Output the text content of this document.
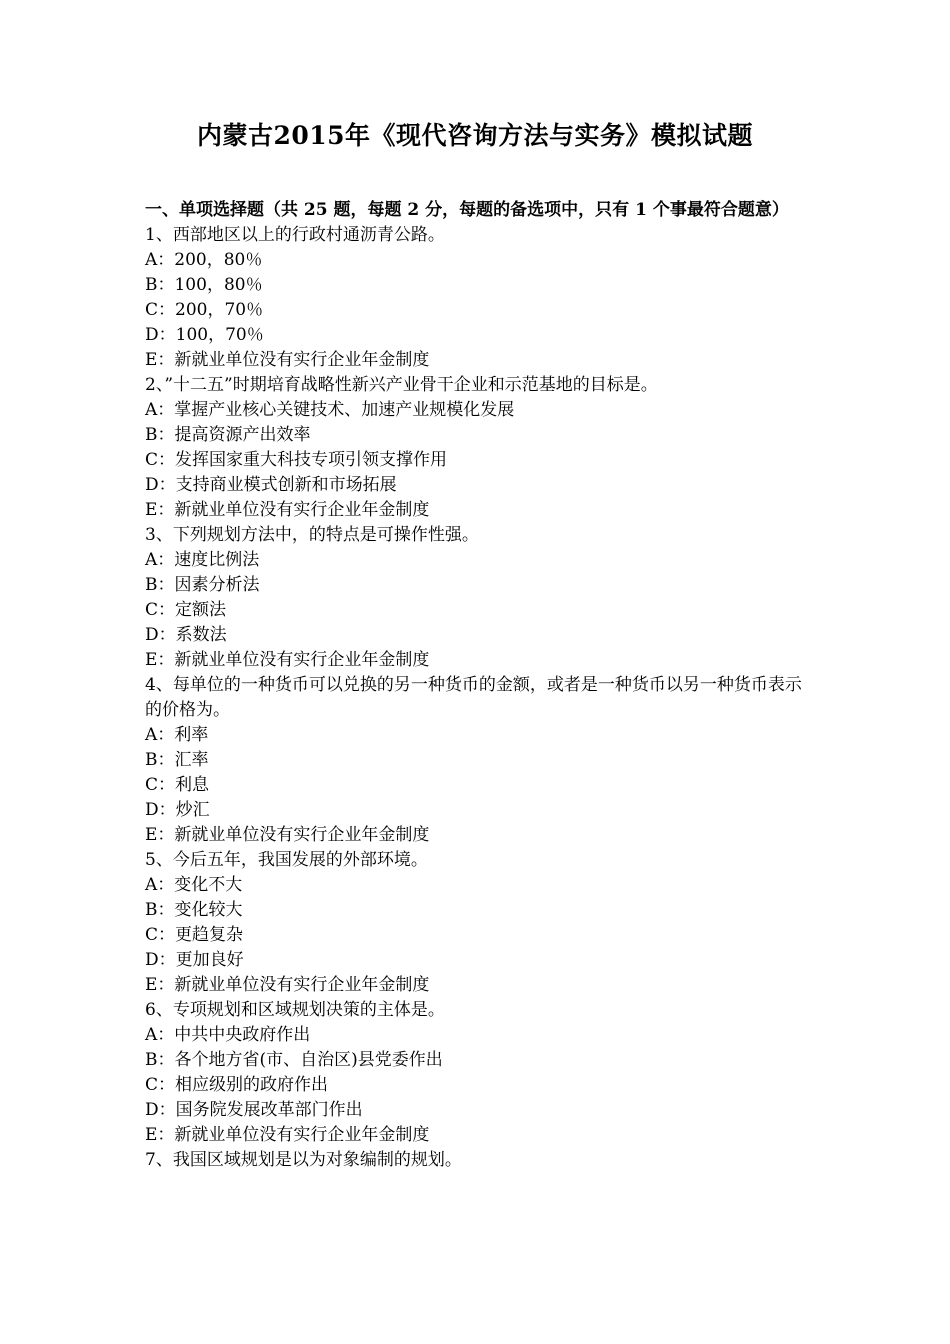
内蒙古2015年《现代咨询方法与实务》模拟试题
一、单项选择题（共 25 题，每题 2 分，每题的备选项中，只有 1 个事最符合题意）
1、西部地区以上的行政村通沥青公路。
A：200，80％
B：100，80％
C：200，70％
D：100，70％
E：新就业单位没有实行企业年金制度
2、”十二五”时期培育战略性新兴产业骨干企业和示范基地的目标是。
A：掌握产业核心关键技术、加速产业规模化发展
B：提高资源产出效率
C：发挥国家重大科技专项引领支撑作用
D：支持商业模式创新和市场拓展
E：新就业单位没有实行企业年金制度
3、下列规划方法中，的特点是可操作性强。
A：速度比例法
B：因素分析法
C：定额法
D：系数法
E：新就业单位没有实行企业年金制度
4、每单位的一种货币可以兑换的另一种货币的金额，或者是一种货币以另一种货币表示的价格为。
A：利率
B：汇率
C：利息
D：炒汇
E：新就业单位没有实行企业年金制度
5、今后五年，我国发展的外部环境。
A：变化不大
B：变化较大
C：更趋复杂
D：更加良好
E：新就业单位没有实行企业年金制度
6、专项规划和区域规划决策的主体是。
A：中共中央政府作出
B：各个地方省(市、自治区)县党委作出
C：相应级别的政府作出
D：国务院发展改革部门作出
E：新就业单位没有实行企业年金制度
7、我国区域规划是以为对象编制的规划。
